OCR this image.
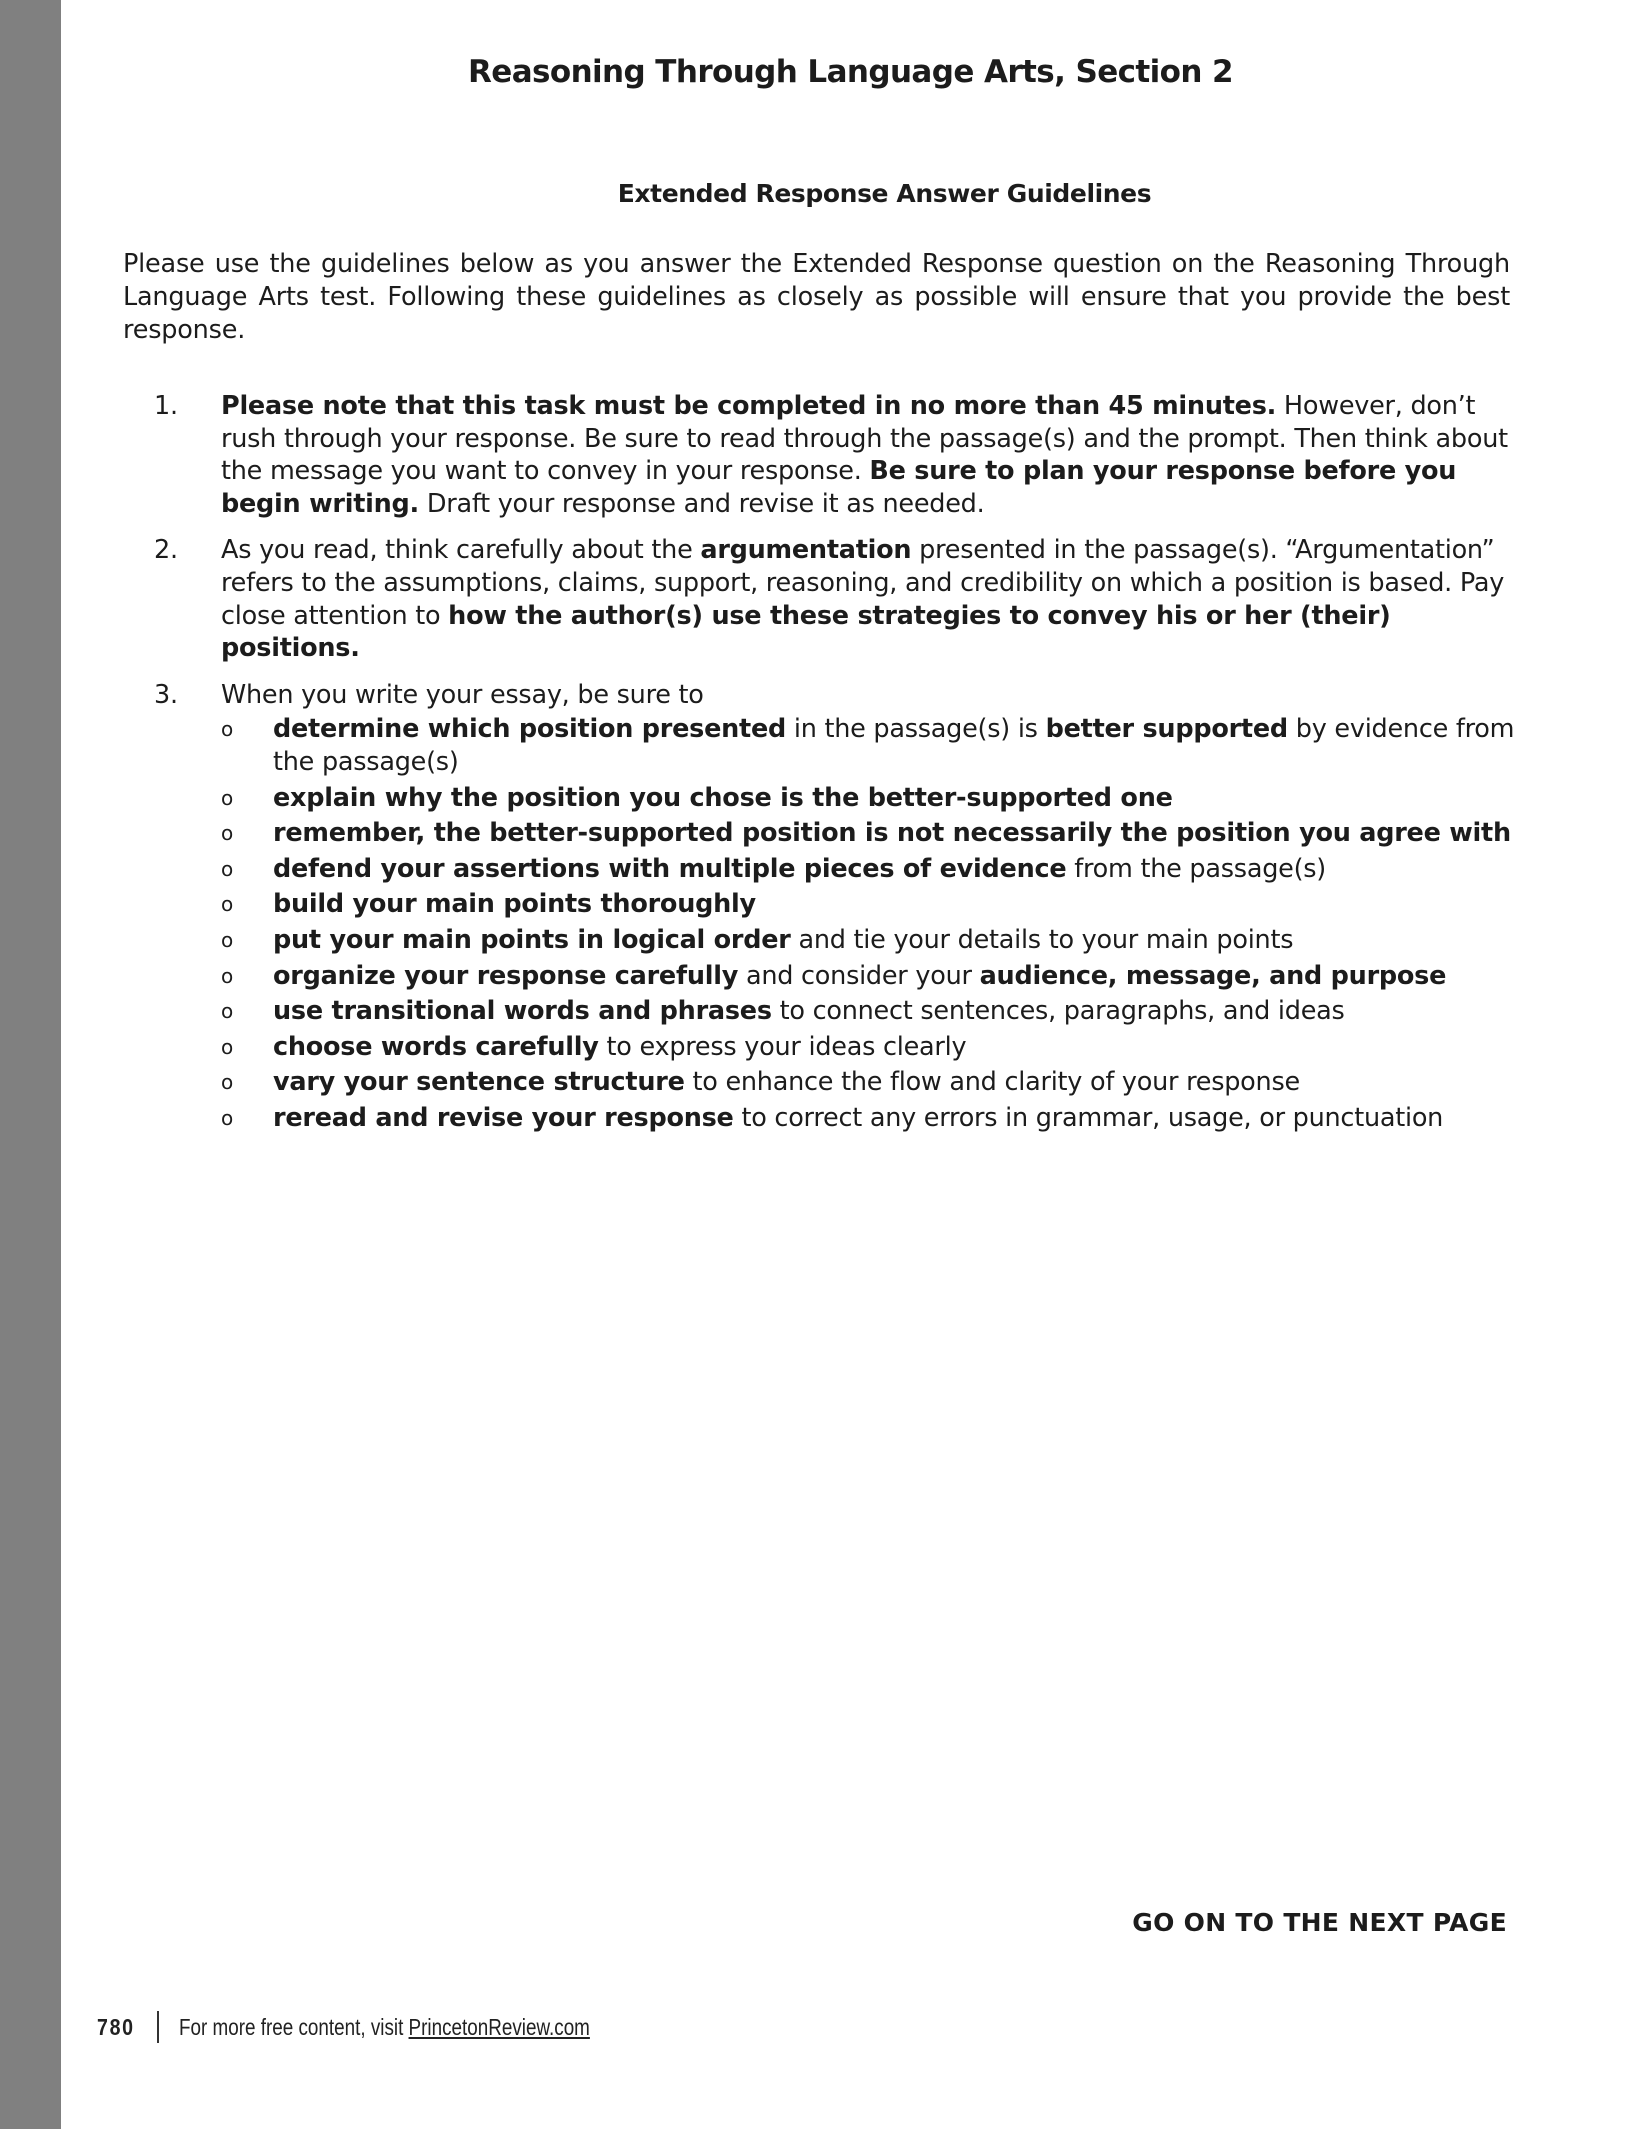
Reasoning Through Language Arts, Section 2
Extended Response Answer Guidelines

Please use the guidelines below as you answer the Extended Response question on the Reasoning Through Language Arts test. Following these guidelines as closely as possible will ensure that you provide the best response.

1. Please note that this task must be completed in no more than 45 minutes. However, don’t rush through your response. Be sure to read through the passage(s) and the prompt. Then think about the message you want to convey in your response. Be sure to plan your response before you begin writing. Draft your response and revise it as needed.
2. As you read, think carefully about the argumentation presented in the passage(s). “Argumentation” refers to the assumptions, claims, support, reasoning, and credibility on which a position is based. Pay close attention to how the author(s) use these strategies to convey his or her (their) positions.
3. When you write your essay, be sure to
o determine which position presented in the passage(s) is better supported by evidence from the passage(s)
o explain why the position you chose is the better-supported one
o remember, the better-supported position is not necessarily the position you agree with
o defend your assertions with multiple pieces of evidence from the passage(s)
o build your main points thoroughly
o put your main points in logical order and tie your details to your main points
o organize your response carefully and consider your audience, message, and purpose
o use transitional words and phrases to connect sentences, paragraphs, and ideas
o choose words carefully to express your ideas clearly
o vary your sentence structure to enhance the flow and clarity of your response
o reread and revise your response to correct any errors in grammar, usage, or punctuation
GO ON TO THE NEXT PAGE
780 For more free content, visit PrincetonReview.com
